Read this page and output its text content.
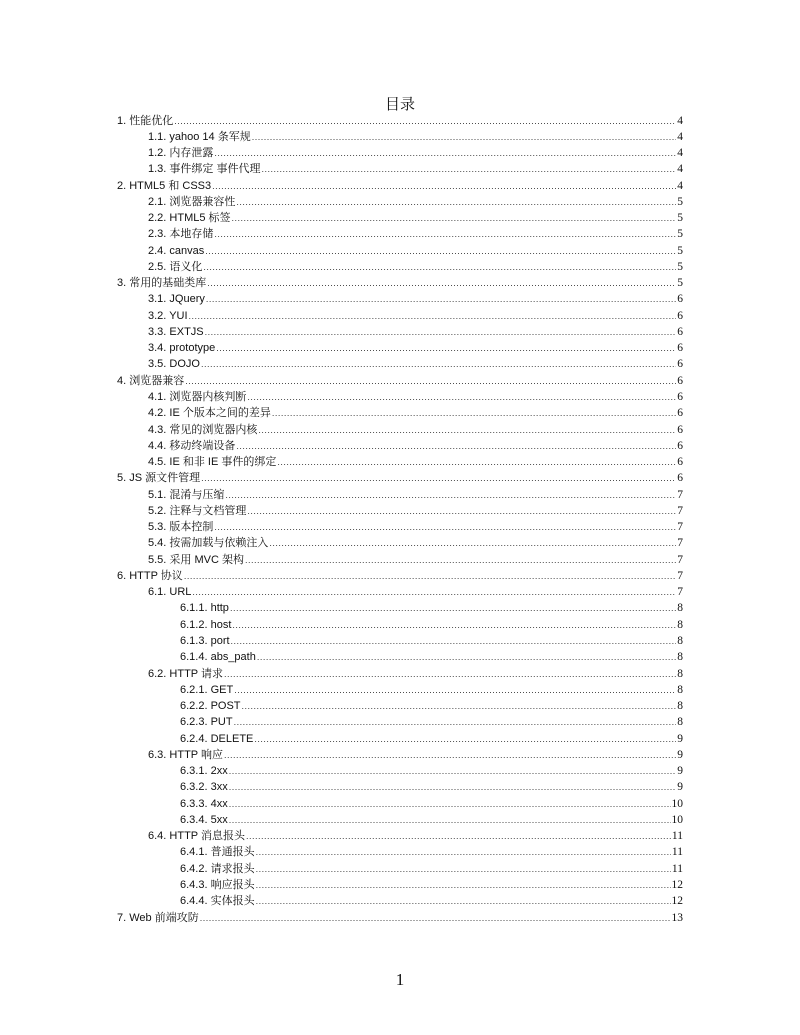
目录
1. 性能优化 .....	4
1.1. yahoo 14 条军规 .....	4
1.2. 内存泄露 .....	4
1.3. 事件绑定 事件代理 .....	4
2. HTML5 和 CSS3 .....	4
2.1. 浏览器兼容性 .....	5
2.2. HTML5 标签 .....	5
2.3. 本地存储 .....	5
2.4. canvas .....	5
2.5. 语义化 .....	5
3. 常用的基础类库 .....	5
3.1. JQuery .....	6
3.2. YUI .....	6
3.3. EXTJS .....	6
3.4. prototype .....	6
3.5. DOJO .....	6
4. 浏览器兼容 .....	6
4.1. 浏览器内核判断 .....	6
4.2. IE 个版本之间的差异 .....	6
4.3. 常见的浏览器内核 .....	6
4.4. 移动终端设备 .....	6
4.5. IE 和非 IE 事件的绑定 .....	6
5. JS 源文件管理 .....	6
5.1. 混淆与压缩 .....	7
5.2. 注释与文档管理 .....	7
5.3. 版本控制 .....	7
5.4. 按需加载与依赖注入 .....	7
5.5. 采用 MVC 架构 .....	7
6. HTTP 协议 .....	7
6.1. URL .....	7
6.1.1. http .....	8
6.1.2. host .....	8
6.1.3. port .....	8
6.1.4. abs_path .....	8
6.2. HTTP 请求 .....	8
6.2.1. GET .....	8
6.2.2. POST .....	8
6.2.3. PUT .....	8
6.2.4. DELETE .....	9
6.3. HTTP 响应 .....	9
6.3.1. 2xx .....	9
6.3.2. 3xx .....	9
6.3.3. 4xx .....	10
6.3.4. 5xx .....	10
6.4. HTTP 消息报头 .....	11
6.4.1. 普通报头 .....	11
6.4.2. 请求报头 .....	11
6.4.3. 响应报头 .....	12
6.4.4. 实体报头 .....	12
7. Web 前端攻防 .....	13
1
